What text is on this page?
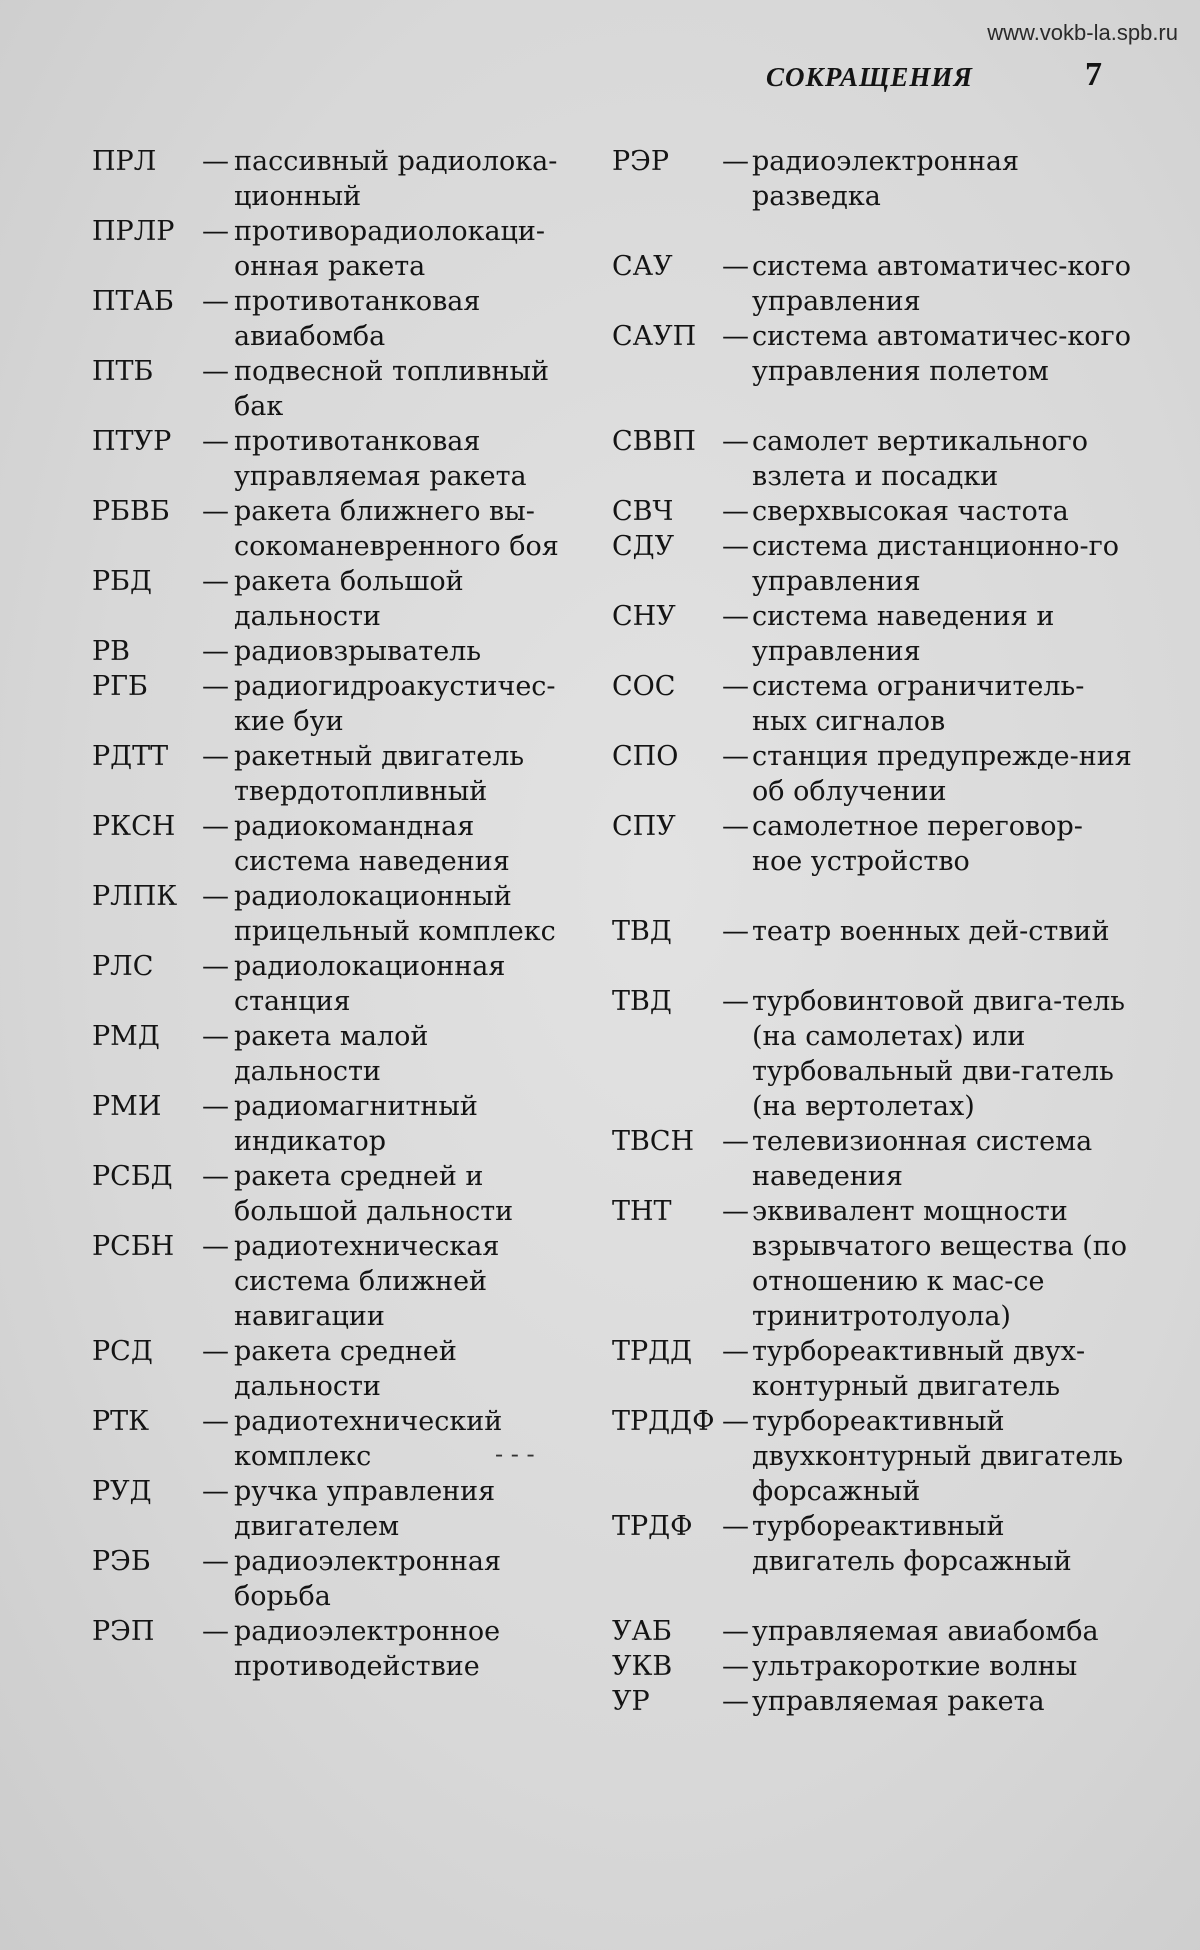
www.vokb-la.spb.ru
СОКРАЩЕНИЯ	7
ПРЛ — пассивный радиолока-ционный
ПРЛР — противорадиолокаци-онная ракета
ПТАБ — противотанковая авиабомба
ПТБ — подвесной топливный бак
ПТУР — противотанковая управляемая ракета
РБВБ — ракета ближнего вы-сокоманевренного боя
РБД — ракета большой дальности
РВ	— радиовзрыватель
РГБ — радиогидроакустичес-кие буи
РДТТ — ракетный двигатель твердотопливный
РКСН — радиокомандная система наведения
РЛПК — радиолокационный прицельный комплекс
РЛС — радиолокационная станция
РМД — ракета малой дальности
РМИ — радиомагнитный индикатор
РСБД — ракета средней и большой дальности
РСБН — радиотехническая система ближней навигации
РСД — ракета средней дальности
РТК — радиотехнический комплекс
РУД — ручка управления двигателем
РЭБ — радиоэлектронная борьба
РЭП — радиоэлектронное противодействие
РЭР — радиоэлектронная разведка
САУ — система автоматичес-кого управления
САУП — система автоматичес-кого управления полетом
СВВП — самолет вертикального взлета и посадки
СВЧ — сверхвысокая частота
СДУ — система дистанционно-го управления
СНУ — система наведения и управления
СОС — система ограничитель-ных сигналов
СПО — станция предупрежде-ния об облучении
СПУ — самолетное переговор-ное устройство
ТВД — театр военных дей-ствий
ТВД — турбовинтовой двига-тель (на самолетах) или турбовальный дви-гатель (на вертолетах)
ТВСН — телевизионная система наведения
ТНТ — эквивалент мощности взрывчатого вещества (по отношению к мас-се тринитротолуола)
ТРДД — турбореактивный двух-контурный двигатель
ТРДДФ — турбореактивный двухконтурный двигатель форсажный
ТРДФ — турбореактивный двигатель форсажный
УАБ — управляемая авиабомба
УКВ — ультракороткие волны
УР	— управляемая ракета
- - -
